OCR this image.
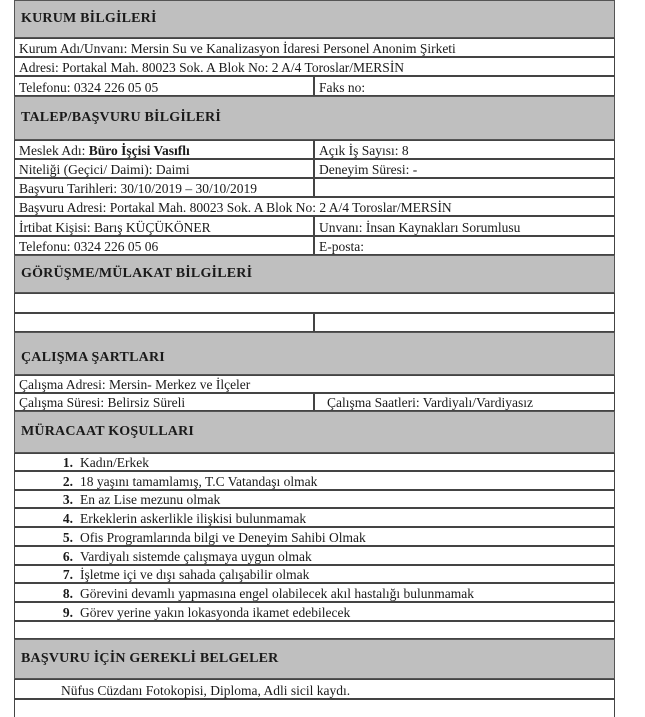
KURUM BİLGİLERİ
Kurum Adı/Unvanı: Mersin Su ve Kanalizasyon İdaresi Personel Anonim Şirketi
Adresi: Portakal Mah. 80023 Sok. A Blok No: 2 A/4 Toroslar/MERSİN
Telefonu: 0324 226 05 05	Faks no:
TALEP/BAŞVURU BİLGİLERİ
Meslek Adı: Büro İşçisi Vasıflı	Açık İş Sayısı: 8
Niteliği (Geçici/ Daimi): Daimi	Deneyim Süresi: -
Başvuru Tarihleri: 30/10/2019 – 30/10/2019
Başvuru Adresi: Portakal Mah. 80023 Sok. A Blok No: 2 A/4 Toroslar/MERSİN
İrtibat Kişisi: Barış KÜÇÜKÖNER	Unvanı: İnsan Kaynakları Sorumlusu
Telefonu: 0324 226 05 06	E-posta:
GÖRÜŞME/MÜLAKAT BİLGİLERİ
ÇALIŞMA ŞARTLARI
Çalışma Adresi: Mersin- Merkez ve İlçeler
Çalışma Süresi: Belirsiz Süreli	Çalışma Saatleri: Vardiyalı/Vardiyasız
MÜRACAAT KOŞULLARI
1. Kadın/Erkek
2. 18 yaşını tamamlamış, T.C Vatandaşı olmak
3. En az Lise mezunu olmak
4. Erkeklerin askerlikle ilişkisi bulunmamak
5. Ofis Programlarında bilgi ve Deneyim Sahibi Olmak
6. Vardiyalı sistemde çalışmaya uygun olmak
7. İşletme içi ve dışı sahada çalışabilir olmak
8. Görevini devamlı yapmasına engel olabilecek akıl hastalığı bulunmamak
9. Görev yerine yakın lokasyonda ikamet edebilecek
BAŞVURU İÇİN GEREKLİ BELGELER
Nüfus Cüzdanı Fotokopisi, Diploma, Adli sicil kaydı.
